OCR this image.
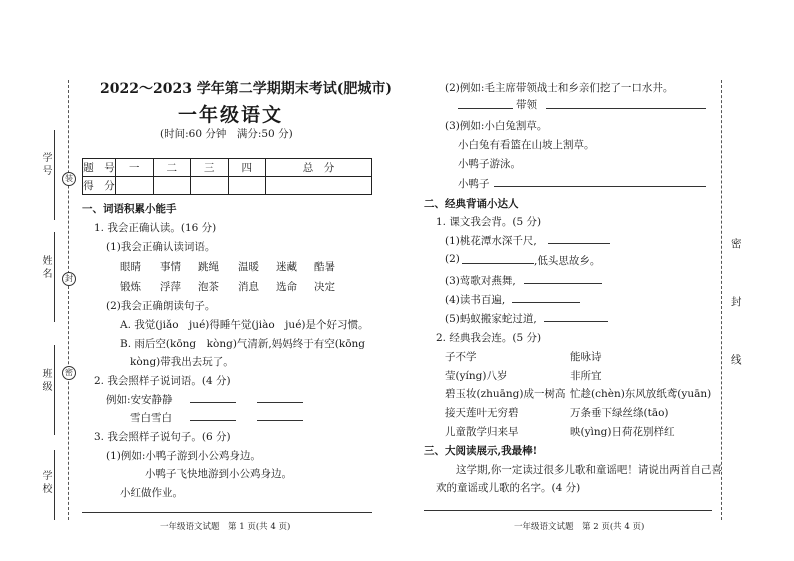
学 号
姓 名
班 级
学 校
装
封
密
2022～2023 学年第二学期期末考试(肥城市)
一年级语文
(时间:60 分钟　满分:50 分)
题　号	一	二	三	四	总　分
得　分					
一、词语积累小能手
1. 我会正确认读。(16 分)
(1)我会正确认读词语。
眼睛 事情 跳绳 温暖 迷藏 酷暑
锻炼 浮萍 泡茶 消息 选命 决定
(2)我会正确朗读句子。
A. 我觉(jiǎo　jué)得睡午觉(jiào　jué)是个好习惯。
B. 雨后空(kōng　kòng)气清新,妈妈终于有空(kōng
kòng)带我出去玩了。
2. 我会照样子说词语。(4 分)
例如:安安静静
雪白雪白
3. 我会照样子说句子。(6 分)
(1)例如:小鸭子游到小公鸡身边。
小鸭子飞快地游到小公鸡身边。
小红做作业。
一年级语文试题　第 1 页(共 4 页)
(2)例如:毛主席带领战士和乡亲们挖了一口水井。
带领
(3)例如:小白兔割草。
小白兔有看篮在山坡上割草。
小鸭子游泳。
小鸭子
二、经典背诵小达人
1. 课文我会背。(5 分)
(1)桃花潭水深千尺,
(2)	,低头思故乡。
(3)莺歌对燕舞,
(4)读书百遍,
(5)蚂蚁搬家蛇过道,
2. 经典我会连。(5 分)
子不学
莹(yíng)八岁
碧玉妆(zhuāng)成一树高
接天莲叶无穷碧
儿童散学归来早
能咏诗
非所宜
忙趁(chèn)东风放纸鸢(yuān)
万条垂下绿丝绦(tāo)
映(yìng)日荷花别样红
三、大阅读展示,我最棒!
这学期,你一定读过很多儿歌和童谣吧！请说出两首自己喜
欢的童谣或儿歌的名字。(4 分)
一年级语文试题　第 2 页(共 4 页)
密
封
线
